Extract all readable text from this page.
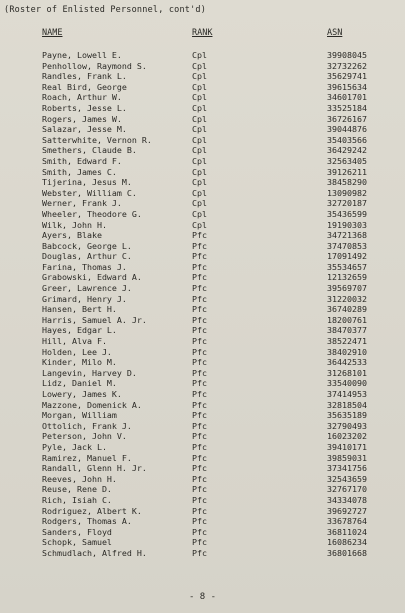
(Roster of Enlisted Personnel, cont'd)
NAME	RANK	ASN
Payne, Lowell E.	Cpl	39908045
Penhollow, Raymond S.	Cpl	32732262
Randles, Frank L.	Cpl	35629741
Real Bird, George	Cpl	39615634
Roach, Arthur W.	Cpl	34601701
Roberts, Jesse L.	Cpl	33525184
Rogers, James W.	Cpl	36726167
Salazar, Jesse M.	Cpl	39044876
Satterwhite, Vernon R.	Cpl	35403566
Smethers, Claude B.	Cpl	36429242
Smith, Edward F.	Cpl	32563405
Smith, James C.	Cpl	39126211
Tijerina, Jesus M.	Cpl	38458290
Webster, William C.	Cpl	13090982
Werner, Frank J.	Cpl	32720187
Wheeler, Theodore G.	Cpl	35436599
Wilk, John H.	Cpl	19190303
Ayers, Blake	Pfc	34721368
Babcock, George L.	Pfc	37470853
Douglas, Arthur C.	Pfc	17091492
Farina, Thomas J.	Pfc	35534657
Grabowski, Edward A.	Pfc	12132659
Greer, Lawrence J.	Pfc	39569707
Grimard, Henry J.	Pfc	31220032
Hansen, Bert H.	Pfc	36740289
Harris, Samuel A. Jr.	Pfc	18200761
Hayes, Edgar L.	Pfc	38470377
Hill, Alva F.	Pfc	38522471
Holden, Lee J.	Pfc	38402910
Kinder, Milo M.	Pfc	36442533
Langevin, Harvey D.	Pfc	31268101
Lidz, Daniel M.	Pfc	33540090
Lowery, James K.	Pfc	37414953
Mazzone, Domenick A.	Pfc	32818504
Morgan, William	Pfc	35635189
Ottolich, Frank J.	Pfc	32790493
Peterson, John V.	Pfc	16023202
Pyle, Jack L.	Pfc	39410171
Ramirez, Manuel F.	Pfc	39859031
Randall, Glenn H. Jr.	Pfc	37341756
Reeves, John H.	Pfc	32543659
Reuse, Rene D.	Pfc	32767170
Rich, Isiah C.	Pfc	34334078
Rodriguez, Albert K.	Pfc	39692727
Rodgers, Thomas A.	Pfc	33678764
Sanders, Floyd	Pfc	36811024
Schopk, Samuel	Pfc	16086234
Schmudlach, Alfred H.	Pfc	36801668
- 8 -
